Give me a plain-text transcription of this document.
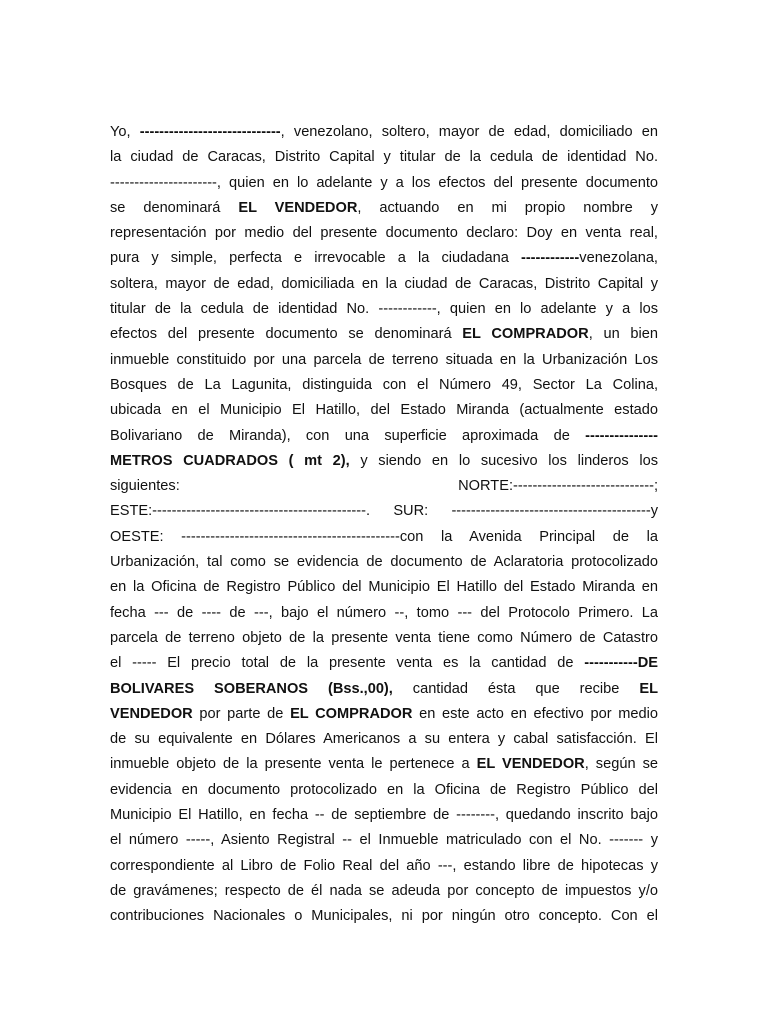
Yo, -----------------------------, venezolano, soltero, mayor de edad, domiciliado en
la ciudad de Caracas, Distrito Capital y titular de la cedula de identidad No.
----------------------, quien en lo adelante y a los efectos del presente documento
se denominará EL VENDEDOR, actuando en mi propio nombre y
representación por medio del presente documento declaro: Doy en venta real,
pura y simple, perfecta e irrevocable a la ciudadana ------------venezolana,
soltera, mayor de edad, domiciliada en la ciudad de Caracas, Distrito Capital y
titular de la cedula de identidad No. ------------, quien en lo adelante y a los
efectos del presente documento se denominará EL COMPRADOR, un bien
inmueble constituido por una parcela de terreno situada en la Urbanización Los
Bosques de La Lagunita, distinguida con el Número 49, Sector La Colina,
ubicada en el Municipio El Hatillo, del Estado Miranda (actualmente estado
Bolivariano de Miranda), con una superficie aproximada de ---------------
METROS CUADRADOS ( mt 2), y siendo en lo sucesivo los linderos los
siguientes:                                              NORTE:-----------------------------;
ESTE:--------------------------------------------. SUR: -----------------------------------------y
OESTE: ---------------------------------------------con la Avenida Principal de la
Urbanización, tal como se evidencia de documento de Aclaratoria protocolizado
en la Oficina de Registro Público del Municipio El Hatillo del Estado Miranda en
fecha --- de ---- de ---, bajo el número --, tomo --- del Protocolo Primero. La
parcela de terreno objeto de la presente venta tiene como Número de Catastro
el ----- El precio total de la presente venta es la cantidad de -----------DE
BOLIVARES SOBERANOS (Bss.,00), cantidad ésta que recibe EL
VENDEDOR por parte de EL COMPRADOR en este acto en efectivo por medio
de su equivalente en Dólares Americanos a su entera y cabal satisfacción. El
inmueble objeto de la presente venta le pertenece a EL VENDEDOR, según se
evidencia en documento protocolizado en la Oficina de Registro Público del
Municipio El Hatillo, en fecha -- de septiembre de --------, quedando inscrito bajo
el número -----, Asiento Registral -- el Inmueble matriculado con el No. ------- y
correspondiente al Libro de Folio Real del año ---, estando libre de hipotecas y
de gravámenes; respecto de él nada se adeuda por concepto de impuestos y/o
contribuciones Nacionales o Municipales, ni por ningún otro concepto. Con el
